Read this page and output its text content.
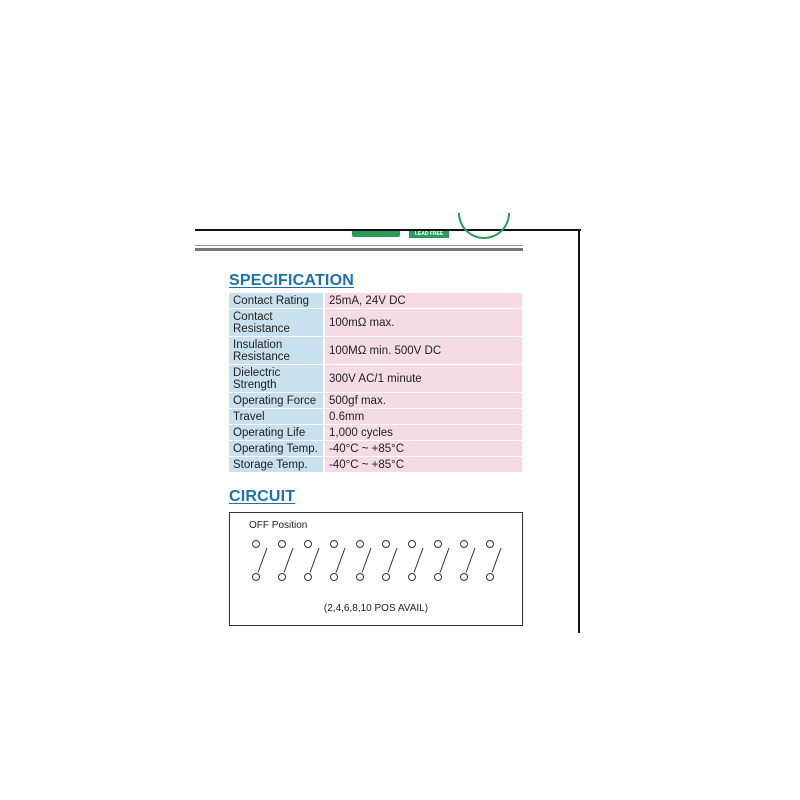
LEAD FREE
SPECIFICATION
Contact Rating	25mA, 24V DC
Contact Resistance	100mΩ max.
Insulation Resistance	100MΩ min. 500V DC
Dielectric Strength	300V AC/1 minute
Operating Force	500gf max.
Travel	0.6mm
Operating Life	1,000 cycles
Operating Temp.	-40°C ~ +85°C
Storage Temp.	-40°C ~ +85°C
CIRCUIT
OFF Position
(2,4,6,8,10 POS AVAIL)
